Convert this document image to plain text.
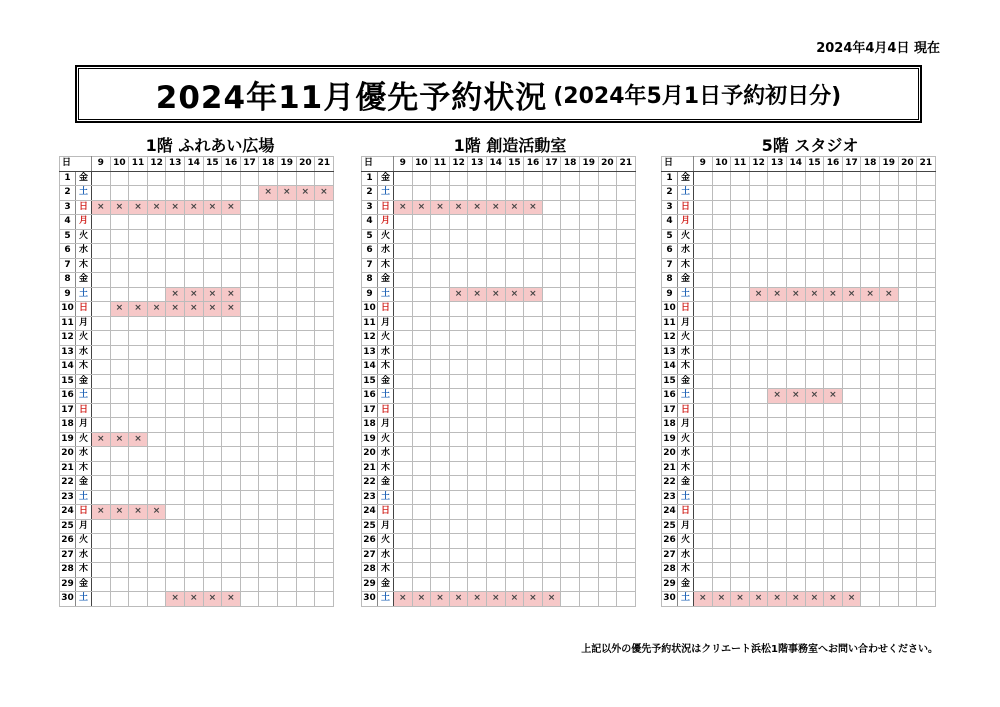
2024年4月4日 現在
2024年11月優先予約状況 (2024年5月1日予約初日分)
1階 ふれあい広場	1階 創造活動室	5階 スタジオ
日		9	10	11	12	13	14	15	16	17	18	19	20	21
1	金													
2	土										×	×	×	×
3	日	×	×	×	×	×	×	×	×					
4	月													
5	火													
6	水													
7	木													
8	金													
9	土					×	×	×	×					
10	日		×	×	×	×	×	×	×					
11	月													
12	火													
13	水													
14	木													
15	金													
16	土													
17	日													
18	月													
19	火	×	×	×										
20	水													
21	木													
22	金													
23	土													
24	日	×	×	×	×									
25	月													
26	火													
27	水													
28	木													
29	金													
30	土					×	×	×	×					
日		9	10	11	12	13	14	15	16	17	18	19	20	21
1	金													
2	土													
3	日	×	×	×	×	×	×	×	×					
4	月													
5	火													
6	水													
7	木													
8	金													
9	土				×	×	×	×	×					
10	日													
11	月													
12	火													
13	水													
14	木													
15	金													
16	土													
17	日													
18	月													
19	火													
20	水													
21	木													
22	金													
23	土													
24	日													
25	月													
26	火													
27	水													
28	木													
29	金													
30	土	×	×	×	×	×	×	×	×	×				
日		9	10	11	12	13	14	15	16	17	18	19	20	21
1	金													
2	土													
3	日													
4	月													
5	火													
6	水													
7	木													
8	金													
9	土				×	×	×	×	×	×	×	×		
10	日													
11	月													
12	火													
13	水													
14	木													
15	金													
16	土					×	×	×	×					
17	日													
18	月													
19	火													
20	水													
21	木													
22	金													
23	土													
24	日													
25	月													
26	火													
27	水													
28	木													
29	金													
30	土	×	×	×	×	×	×	×	×	×				
上記以外の優先予約状況はクリエート浜松1階事務室へお問い合わせください。
